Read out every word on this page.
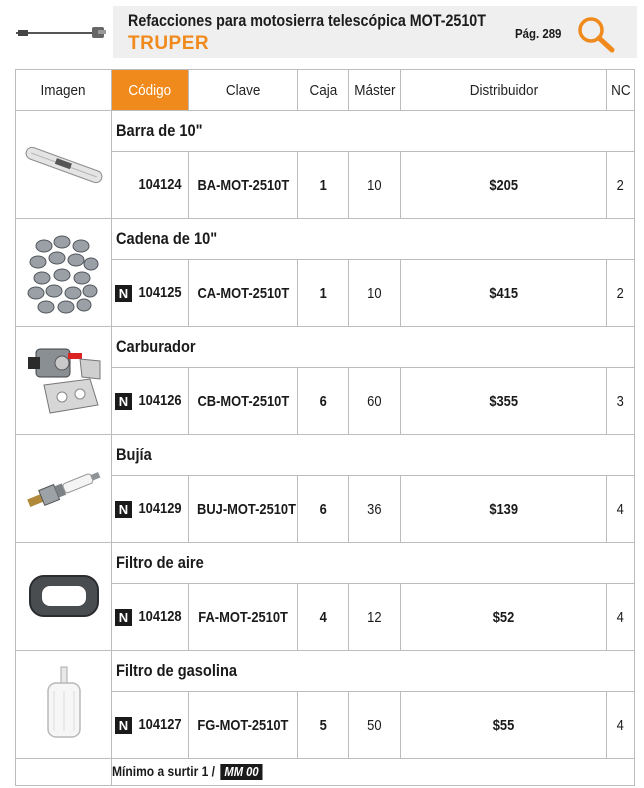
Refacciones para motosierra telescópica MOT-2510T
TRUPER	Pág. 289
Imagen	Código	Clave	Caja	Máster	Distribuidor	NC

	Barra de 10"					
	104124	BA-MOT-2510T	1	10	$205	2

	Cadena de 10"					
	N 104125	CA-MOT-2510T	1	10	$415	2

	Carburador					
	N 104126	CB-MOT-2510T	6	60	$355	3

	Bujía					
	N 104129	BUJ-MOT-2510T	6	36	$139	4

	Filtro de aire					
	N 104128	FA-MOT-2510T	4	12	$52	4

	Filtro de gasolina					
	N 104127	FG-MOT-2510T	5	50	$55	4
	Mínimo a surtir 1 / MM 00					
